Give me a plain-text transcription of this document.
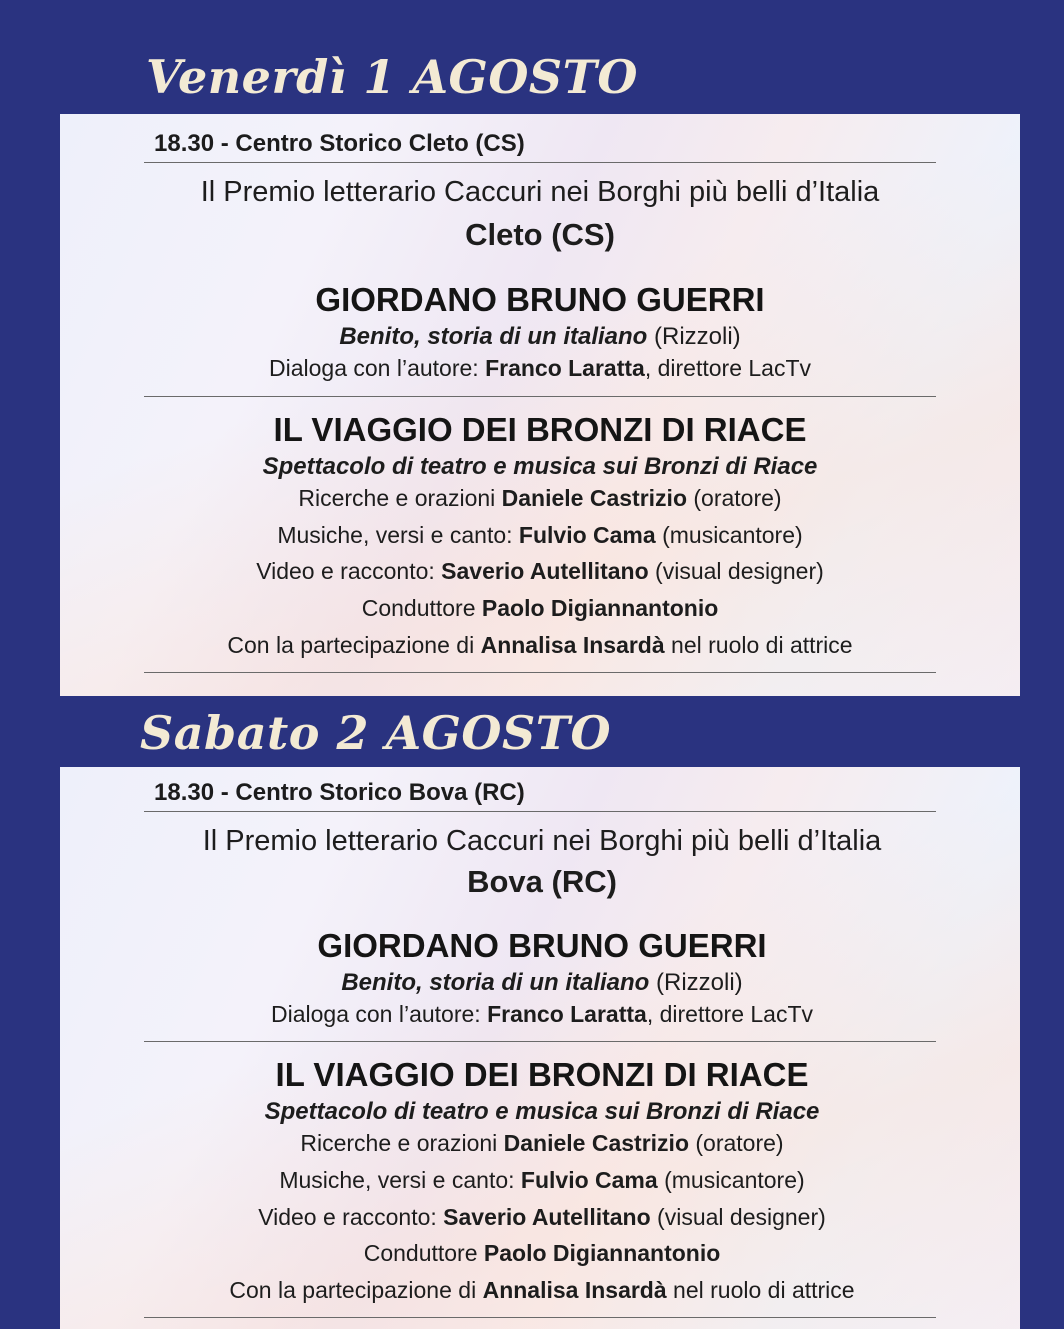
Venerdì 1 AGOSTO
18.30 - Centro Storico Cleto (CS)
Il Premio letterario Caccuri nei Borghi più belli d’Italia
Cleto (CS)
GIORDANO BRUNO GUERRI
Benito, storia di un italiano (Rizzoli)
Dialoga con l’autore: Franco Laratta, direttore LacTv
IL VIAGGIO DEI BRONZI DI RIACE
Spettacolo di teatro e musica sui Bronzi di Riace
Ricerche e orazioni Daniele Castrizio (oratore)
Musiche, versi e canto: Fulvio Cama (musicantore)
Video e racconto: Saverio Autellitano (visual designer)
Conduttore Paolo Digiannantonio
Con la partecipazione di Annalisa Insardà nel ruolo di attrice
Sabato 2 AGOSTO
18.30 - Centro Storico Bova (RC)
Il Premio letterario Caccuri nei Borghi più belli d’Italia
Bova (RC)
GIORDANO BRUNO GUERRI
Benito, storia di un italiano (Rizzoli)
Dialoga con l’autore: Franco Laratta, direttore LacTv
IL VIAGGIO DEI BRONZI DI RIACE
Spettacolo di teatro e musica sui Bronzi di Riace
Ricerche e orazioni Daniele Castrizio (oratore)
Musiche, versi e canto: Fulvio Cama (musicantore)
Video e racconto: Saverio Autellitano (visual designer)
Conduttore Paolo Digiannantonio
Con la partecipazione di Annalisa Insardà nel ruolo di attrice
